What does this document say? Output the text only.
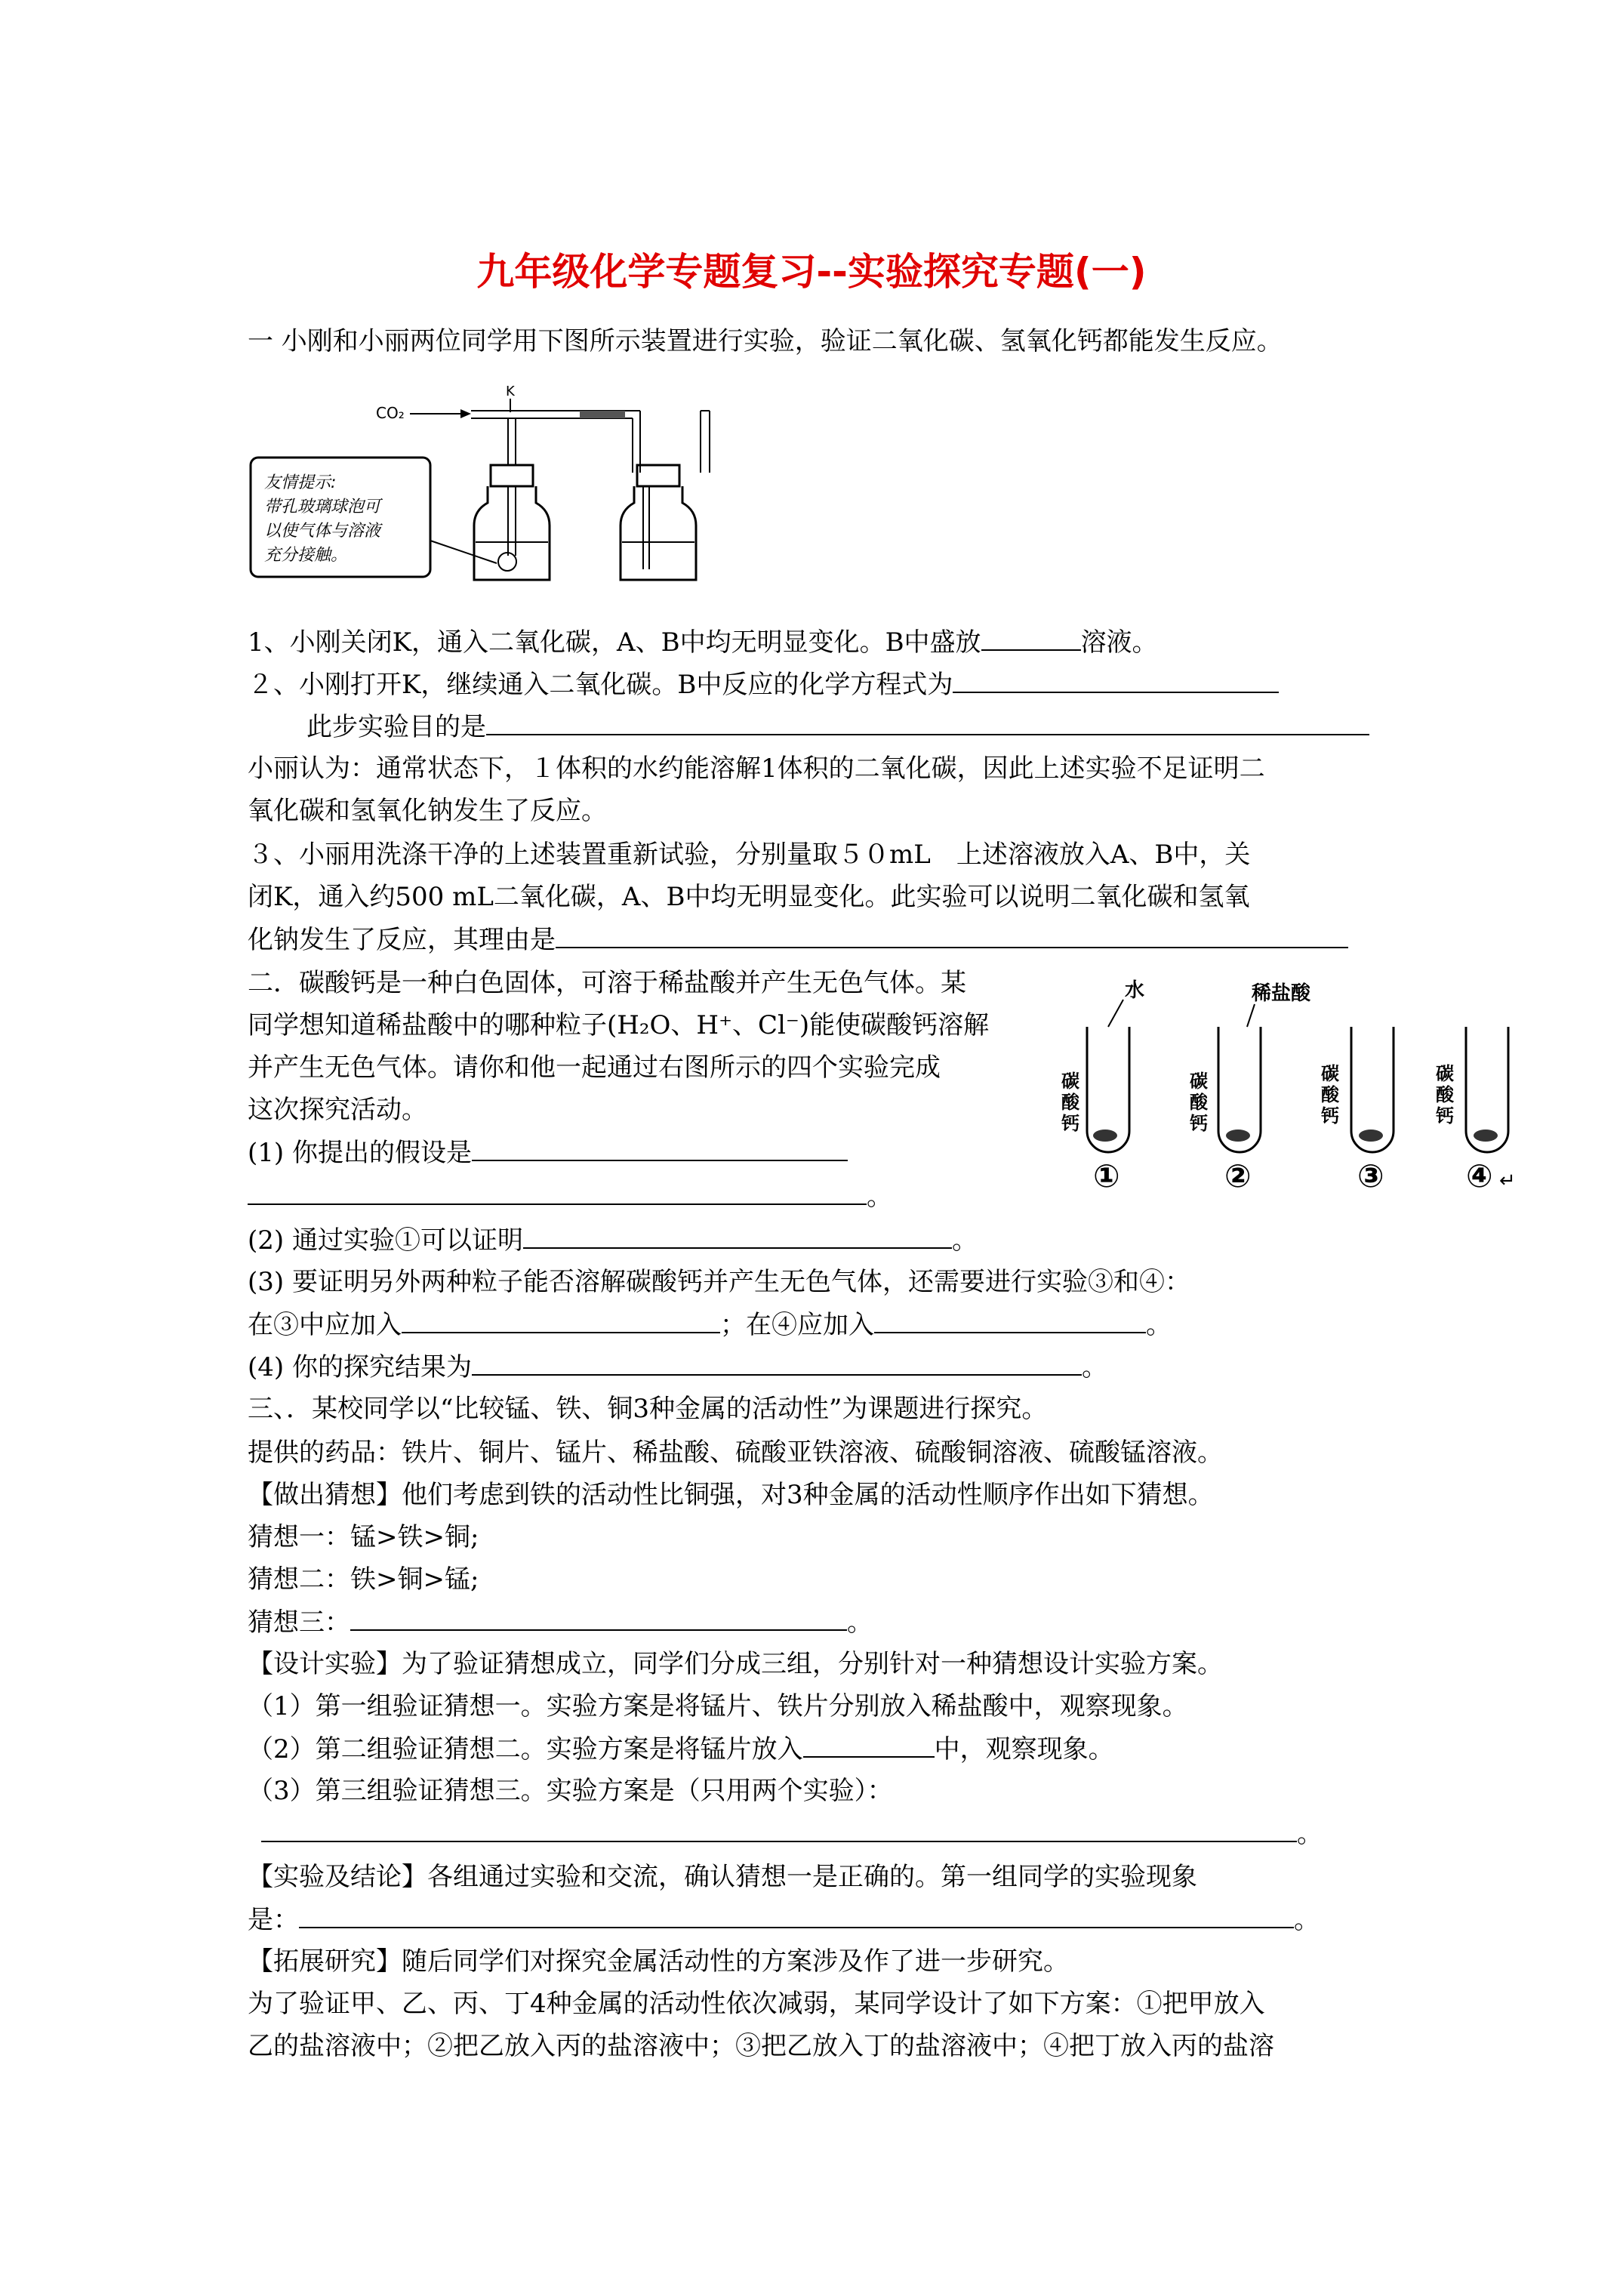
九年级化学专题复习--实验探究专题(一)
一 小刚和小丽两位同学用下图所示装置进行实验，验证二氧化碳、氢氧化钙都能发生反应。
CO₂
K
友情提示:
带孔玻璃球泡可
以使气体与溶液
充分接触。
1、小刚关闭K，通入二氧化碳，A、B中均无明显变化。B中盛放	溶液。
２、小刚打开K，继续通入二氧化碳。B中反应的化学方程式为
此步实验目的是
小丽认为：通常状态下，１体积的水约能溶解1体积的二氧化碳，因此上述实验不足证明二
氧化碳和氢氧化钠发生了反应。
３、小丽用洗涤干净的上述装置重新试验，分别量取５０mL　上述溶液放入A、B中，关
闭K，通入约500 mL二氧化碳，A、B中均无明显变化。此实验可以说明二氧化碳和氢氧
化钠发生了反应，其理由是
二．碳酸钙是一种白色固体，可溶于稀盐酸并产生无色气体。某
同学想知道稀盐酸中的哪种粒子(H₂O、H⁺、Cl⁻)能使碳酸钙溶解
并产生无色气体。请你和他一起通过右图所示的四个实验完成
这次探究活动。
水	稀盐酸
碳
酸
钙
①
碳
酸
钙
②
碳
酸
钙
③
碳
酸
钙
④ ↵
(1) 你提出的假设是
。
(2) 通过实验①可以证明	。
(3) 要证明另外两种粒子能否溶解碳酸钙并产生无色气体，还需要进行实验③和④：
在③中应加入	；在④应加入	。
(4) 你的探究结果为	。
三、．某校同学以“比较锰、铁、铜3种金属的活动性”为课题进行探究。
提供的药品：铁片、铜片、锰片、稀盐酸、硫酸亚铁溶液、硫酸铜溶液、硫酸锰溶液。
【做出猜想】他们考虑到铁的活动性比铜强，对3种金属的活动性顺序作出如下猜想。
猜想一：锰>铁>铜;
猜想二：铁>铜>锰;
猜想三：	。
【设计实验】为了验证猜想成立，同学们分成三组，分别针对一种猜想设计实验方案。
（1）第一组验证猜想一。实验方案是将锰片、铁片分别放入稀盐酸中，观察现象。
（2）第二组验证猜想二。实验方案是将锰片放入	中，观察现象。
（3）第三组验证猜想三。实验方案是（只用两个实验）：
。
【实验及结论】各组通过实验和交流，确认猜想一是正确的。第一组同学的实验现象
是：	。
【拓展研究】随后同学们对探究金属活动性的方案涉及作了进一步研究。
为了验证甲、乙、丙、丁4种金属的活动性依次减弱，某同学设计了如下方案：①把甲放入
乙的盐溶液中；②把乙放入丙的盐溶液中；③把乙放入丁的盐溶液中；④把丁放入丙的盐溶
